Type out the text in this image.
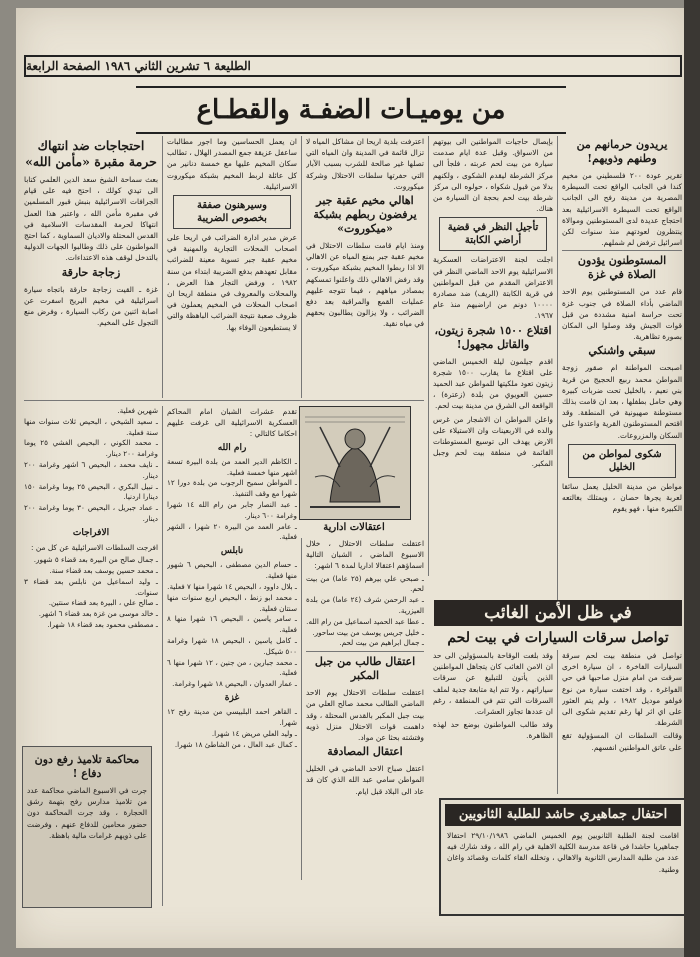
الطليعة ٦ تشرين الثاني ١٩٨٦ الصفحة الرابعة
من يوميـات الضفـة والقطـاع
يريدون حرمانهم من وطنهم وذويهم!

تقرير عودة ٢٠٠ فلسطيني من مخيم كندا في الجانب الواقع تحت السيطرة المصرية من مدينة رفح الى الجانب الواقع تحت السيطرة الاسرائيلية بعد احتجاج عديدة لدى المستوطنين وموالاة ينتظرون لعودتهم منذ سنوات لكن اسرائيل ترفض لم شملهم.

المستوطنون يؤدون الصلاة في غزة

قام عدد من المستوطنين يوم الاحد الماضي بأداء الصلاة في جنوب غزة تحت حراسة امنية مشددة من قبل قوات الجيش وقد وصلوا الى المكان بصورة تظاهرية.

سبقي واشنكي

اصبحت المواطنة ام صقور زوجة المواطن محمد ربيع الحجيج من قرية بني نعيم ، بالخليل تحت ضربات كبيرة وهي حامل بطفلها ، بعد ان قامت بذلك مستوطنة صهيونية في المنطقة. وقد اقتحم المستوطنون القرية واعتدوا على السكان والمزروعات.

شكوى لمواطن من الخليل

مواطن من مدينة الخليل يعمل سائقا لعربة يجرها حصان ، ويمتلك بغالتعه الكبيرة منها ، فهو يقوم

بإيصال حاجيات المواطنين الى بيوتهم من الاسواق. وقبل عدة ايام صدمت سيارة من بيت لحم عربته ، فلجأ الى مركز الشرطة ليقدم الشكوى ، ولكنهم بدلا من قبول شكواه ، حولوه الى مركز شرطة بيت لحم بحجة ان السيارة من هناك.

تأجيل النظر في قضية أراضي الكابتة

اجلت لجنة الاعتراضات العسكرية الاسرائيلية يوم الاحد الماضي النظر في الاعتراض المقدم من قبل المواطنين في قرية الكابتة (الريف) ضد مصادرة ١٠٠٠٠ دونم من اراضيهم منذ عام ١٩٦٧.

اقتلاع ١٥٠٠ شجرة زيتون، والقاتل مجهول!

اقدم جيلمون ليلة الخميس الماضي على اقتلاع ما يقارب ١٥٠٠ شجرة زيتون تعود ملكيتها للمواطن عبد الحميد حسين العويوي من بلدة (زعترة) ، الواقعة الى الشرق من مدينة بيت لحم.

واعلن المواطن ان الاشجار من غرس والده في الاربعينات وان الاستيلاء على الارض يهدف الى توسيع المستوطنات القائمة في منطقة بيت لحم وجبل المكبر.

اعترفت بلدية اريحا ان مشاكل المياه لا تزال قائمة في المدينة وان المياه التي تصلها غير صالحة للشرب بسبب الآبار التي حفرتها سلطات الاحتلال وشركة ميكوروت.

اهالي مخيم عقبة جبر يرفضون ربطهم بشبكة «ميكوروت»

ومنذ ايام قامت سلطات الاحتلال في مخيم عقبة جبر بمنع المياه عن الاهالي الا اذا ربطوا المخيم بشبكة ميكوروت ، وقد رفض الاهالي ذلك واعلنوا تمسكهم بمصادر مياههم ، فيما تتوجه عليهم عمليات القمع والمراقبة بعد دفع الضرائب ، ولا يزالون يطالبون بحقهم في مياه نقية.

ان يعمل الحساسين وما اجور مطالبات ساعفل عزيقة جمع المصدر الهلال ، تطالب سكان المخيم عليها مع خمسة دنانير من كل عائلة لربط المخيم بشبكة ميكوروت الاسرائيلية.

وسيرهنون صفقة بخصوص الضريبة

عرض مدير ادارة الضرائب في اريحا على اصحاب المحلات التجارية والمهنية في مخيم عقبة جبر تسوية معينة للضرائب مقابل تعهدهم بدفع الضريبة ابتداء من سنة ١٩٨٢ ، ورفض التجار هذا العرض ، والمحلات والمعروف في منطقة اريحا ان اصحاب المحلات في المخيم يعملون في ظروف صعبة نتيجة الضرائب الباهظة والتي لا يستطيعون الوفاء بها.

احتجاجات ضد انتهاك حرمة مقبرة «مأمن الله»

بعث سماحة الشيخ سعد الدين العلمي كتابا الى تيدي كولك ، احتج فيه على قيام الجرافات الاسرائيلية بنبش قبور المسلمين في مقبرة مأمن الله ، واعتبر هذا العمل انتهاكا لحرمة المقدسات الاسلامية في القدس المحتلة والاديان السماوية ، كما احتج المواطنون على ذلك وطالبوا الجهات الدولية بالتدخل لوقف هذه الاعتداءات.

زجاجة حارقة

غزة ـ القيت زجاجة حارقة باتجاه سيارة اسرائيلية في مخيم البريج اسفرت عن اصابة اثنين من ركاب السيارة ، وفرض منع التجول على المخيم.

اعتقالات ادارية

اعتقلت سلطات الاحتلال ، خلال الاسبوع الماضي ، الشبان التالية اسماؤهم اعتقالا اداريا لمدة ٦ اشهر:

ـ صبحي علي بيرهم (٢٥ عاما) من بيت لحم.
ـ عبد الرحمن شرف (٢٤ عاما) من بلدة العيزرية.
ـ عطا عبد الحميد اسماعيل من رام الله.
ـ خليل جريس يوسف من بيت ساحور.
ـ جمال ابراهيم من بيت لحم.
اعتقال طالب من جبل المكبر

اعتقلت سلطات الاحتلال يوم الاحد الماضي الطالب محمد صالح العلي من بيت جبل المكبر بالقدس المحتلة ، وقد داهمت قوات الاحتلال منزل ذويه وفتشته بحثا عن مواد.

اعتقال المصادفة

اعتقل صباح الاحد الماضي في الخليل المواطن سامي عبد الله الذي كان قد عاد الى البلاد قبل ايام.

تقدم عشرات الشبان امام المحاكم العسكرية الاسرائيلية الى غرفت عليهم احكاما كالتالي :

رام الله
ـ الكاظم الدير العمد من بلدة البيرة تسعة اشهر منها خمسة فعلية.
ـ المواطن سميح الرجوب من بلدة دورا ١٢ شهرا مع وقف التنفيذ.
ـ عبد النصار جابر من رام الله ١٤ شهرا وغرامة ٦٠٠ دينار.
ـ عامر العمد من البيرة ٢٠ شهرا ، الشهر فعلية.
نابلس
ـ حسام الدين مصطفى ، البحيص ٦ شهور منها فعلية.
ـ بلال داوود ، البحيص ١٤ شهرا منها ٧ فعلية.
ـ محمد ابو زنط ، البحيص اربع سنوات منها سنتان فعلية.
ـ سامر ياسين ، البحيص ١٦ شهرا منها ٨ فعلية.
ـ كامل ياسين ، البحيص ١٨ شهرا وغرامة ٥٠٠ شيكل.
ـ محمد جبارين ، من جنين ، ١٢ شهرا منها ٦ فعلية.
ـ عمار العدوان ، البحيص ١٨ شهرا وغرامة.
غزة
ـ القاهر احمد البلبيسي من مدينة رفح ١٢ شهرا.
ـ وليد العلي مريض ١٤ شهرا.
ـ كمال عبد العال ، من الشاطئ ١٨ شهرا.
شهرين فعلية.
ـ سعيد الشيخي ، البحيص ثلاث سنوات منها سنة فعلية.
ـ محمد الكوني ، البحيص الغشي ٢٥ يوما وغرامة ٢٠٠ دينار.
ـ نايف محمد ، البحيص ٦ اشهر وغرامة ٢٠٠ دينار.
ـ نبيل البكري ، البحيص ٢٥ يوما وغرامة ١٥٠ دينارا اردنيا.
ـ عماد جبريل ، البحيص ٣٠ يوما وغرامة ٢٠٠ دينار.
الافراجات

افرجت السلطات الاسرائيلية عن كل من :

ـ جمال صالح من البيرة بعد قضاء ٥ شهور.
ـ محمد حسين يوسف بعد قضاء سنة.
ـ وليد اسماعيل من نابلس بعد قضاء ٣ سنوات.
ـ صالح علي ، البيرة بعد قضاء سنتين.
ـ خالد موسى من غزة بعد قضاء ٦ اشهر.
ـ مصطفى محمود بعد قضاء ١٨ شهرا.
محاكمة تلاميذ رفع دون دفاع !

جرت في الاسبوع الماضي محاكمة عدد من تلاميذ مدارس رفح بتهمة رشق الحجارة ، وقد جرت المحاكمة دون حضور محامين للدفاع عنهم ، وفرضت على ذويهم غرامات مالية باهظة.

في ظل الأمن الغائب
تواصل سرقات السيارات في بيت لحم

تواصل في منطقة بيت لحم سرقة السيارات الفاخرة ، ان سيارة اخرى سرقت من امام منزل صاحبها في حي الفواغرة ، وقد اختفت سيارة من نوع فولفو موديل ١٩٨٢ ، ولم يتم العثور على اي اثر لها رغم تقديم شكوى الى الشرطة.

وقالت السلطات ان المسؤولية تقع على عاتق المواطنين انفسهم.

وقد بلغت الوقاحة بالمسؤولين الى حد ان الامن الغائب كان يتجاهل المواطنين الذين يأتون للتبليغ عن سرقات سياراتهم ، ولا تتم اية متابعة جدية لملف السرقات التي تتم في المنطقة ، رغم ان عددها تجاوز العشرات.

وقد طالب المواطنون بوضع حد لهذه الظاهرة.

احتفال جماهيري حاشد للطلبة الثانويين

اقامت لجنة الطلبة الثانويين يوم الخميس الماضي ٢٩/١٠/١٩٨٦ احتفالا جماهيريا حاشدا في قاعة مدرسة الكلية الاهلية في رام الله ، وقد شارك فيه عدد من طلبة المدارس الثانوية والاهالي ، وتخلله القاء كلمات وقصائد واغان وطنية.
